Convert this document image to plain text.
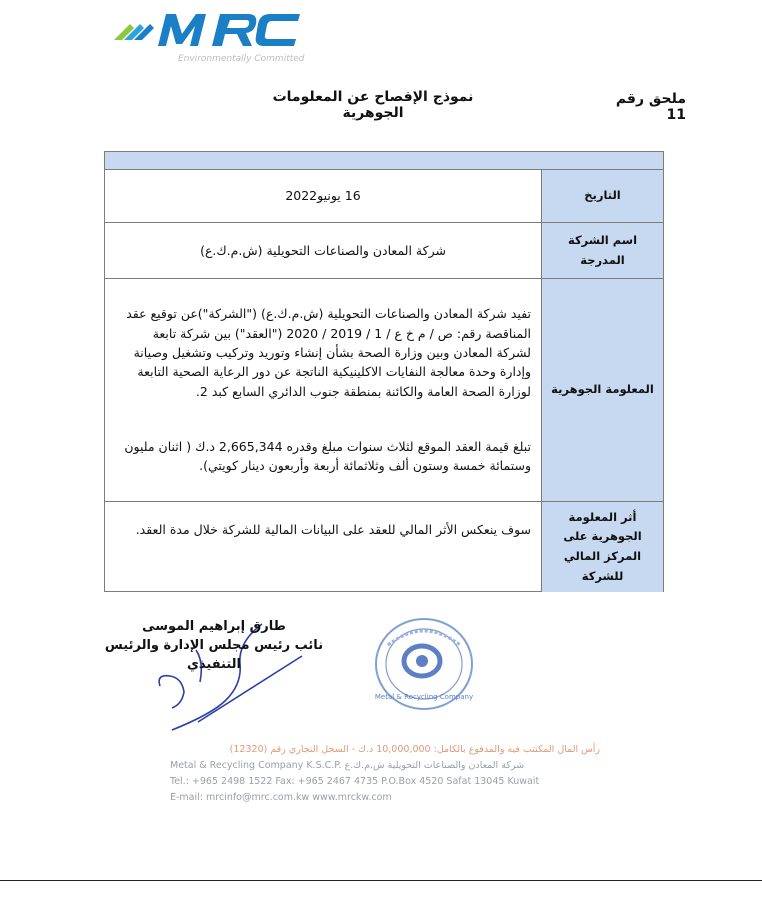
Environmentally Committed
ملحق رقم 11
نموذج الإفصاح عن المعلومات الجوهرية
التاريخ
16 يونيو2022
اسم الشركة المدرجة
شركة المعادن والصناعات التحويلية (ش.م.ك.ع)
المعلومة الجوهرية
تفيد شركة المعادن والصناعات التحويلية (ش.م.ك.ع) ("الشركة")عن توقيع عقد المناقصة رقم: ص / م خ ع / 1 / 2019 / 2020 ("العقد") بين شركة تابعة لشركة المعادن وبين وزارة الصحة بشأن إنشاء وتوريد وتركيب وتشغيل وصيانة وإدارة وحدة معالجة النفايات الاكلينيكية الناتجة عن دور الرعاية الصحية التابعة لوزارة الصحة العامة والكائنة بمنطقة جنوب الدائري السابع كبد 2.
تبلغ قيمة العقد الموقع لثلاث سنوات مبلغ وقدره 2,665,344 د.ك ( اثنان مليون وستمائة خمسة وستون ألف وثلاثمائة أربعة وأربعون دينار كويتي).
أثر المعلومة الجوهرية على المركز المالي للشركة
سوف ينعكس الأثر المالي للعقد على البيانات المالية للشركة خلال مدة العقد.
Metal & Recycling Company
طارق إبراهيم الموسى
نائب رئيس مجلس الإدارة والرئيس التنفيذي
رأس المال المكتتب فيه والمدفوع بالكامل: 10,000,000 د.ك - السجل التجاري رقم (12320)
Metal & Recycling Company K.S.C.P. شركة المعادن والصناعات التحويلية ش.م.ك.ع
Tel.: +965 2498 1522 Fax: +965 2467 4735 P.O.Box 4520 Safat 13045 Kuwait
E-mail: mrcinfo@mrc.com.kw www.mrckw.com
